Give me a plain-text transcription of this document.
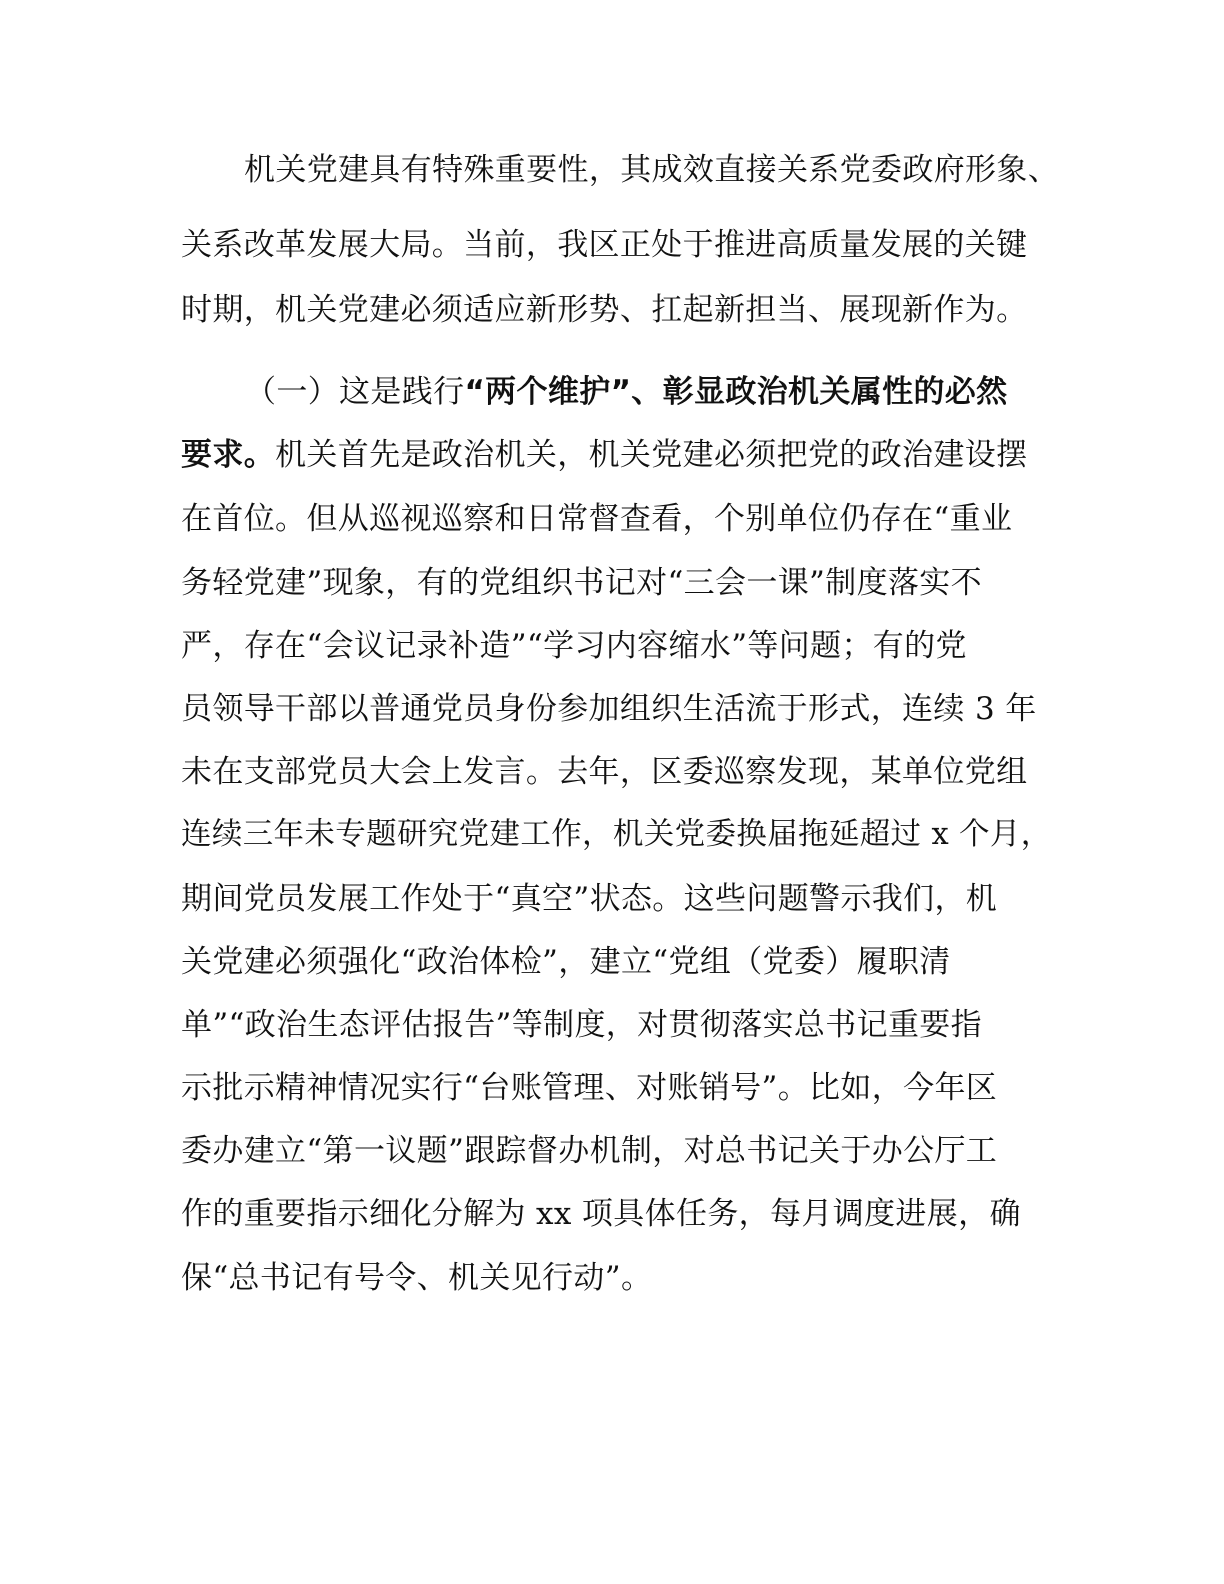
机关党建具有特殊重要性，其成效直接关系党委政府形象、
关系改革发展大局。当前，我区正处于推进高质量发展的关键
时期，机关党建必须适应新形势、扛起新担当、展现新作为。
（一）这是践行“两个维护”、彰显政治机关属性的必然
要求。机关首先是政治机关，机关党建必须把党的政治建设摆
在首位。但从巡视巡察和日常督查看，个别单位仍存在“重业
务轻党建”现象，有的党组织书记对“三会一课”制度落实不
严，存在“会议记录补造”“学习内容缩水”等问题；有的党
员领导干部以普通党员身份参加组织生活流于形式，连续 3 年
未在支部党员大会上发言。去年，区委巡察发现，某单位党组
连续三年未专题研究党建工作，机关党委换届拖延超过 x 个月，
期间党员发展工作处于“真空”状态。这些问题警示我们，机
关党建必须强化“政治体检”，建立“党组（党委）履职清
单”“政治生态评估报告”等制度，对贯彻落实总书记重要指
示批示精神情况实行“台账管理、对账销号”。比如，今年区
委办建立“第一议题”跟踪督办机制，对总书记关于办公厅工
作的重要指示细化分解为 xx 项具体任务，每月调度进展，确
保“总书记有号令、机关见行动”。
